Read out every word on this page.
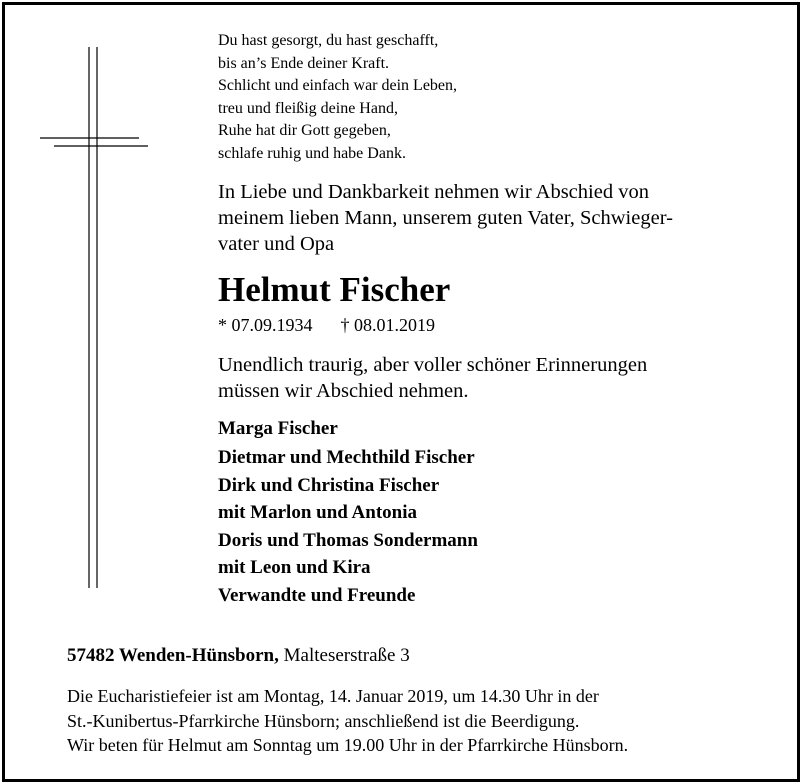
Du hast gesorgt, du hast geschafft,
bis an’s Ende deiner Kraft.
Schlicht und einfach war dein Leben,
treu und fleißig deine Hand,
Ruhe hat dir Gott gegeben,
schlafe ruhig und habe Dank.
In Liebe und Dankbarkeit nehmen wir Abschied von
meinem lieben Mann, unserem guten Vater, Schwieger-
vater und Opa
Helmut Fischer
* 07.09.1934 † 08.01.2019
Unendlich traurig, aber voller schöner Erinnerungen
müssen wir Abschied nehmen.
Marga Fischer
Dietmar und Mechthild Fischer
Dirk und Christina Fischer
mit Marlon und Antonia
Doris und Thomas Sondermann
mit Leon und Kira
Verwandte und Freunde
57482 Wenden-Hünsborn, Malteserstraße 3
Die Eucharistiefeier ist am Montag, 14. Januar 2019, um 14.30 Uhr in der
St.-Kunibertus-Pfarrkirche Hünsborn; anschließend ist die Beerdigung.
Wir beten für Helmut am Sonntag um 19.00 Uhr in der Pfarrkirche Hünsborn.
